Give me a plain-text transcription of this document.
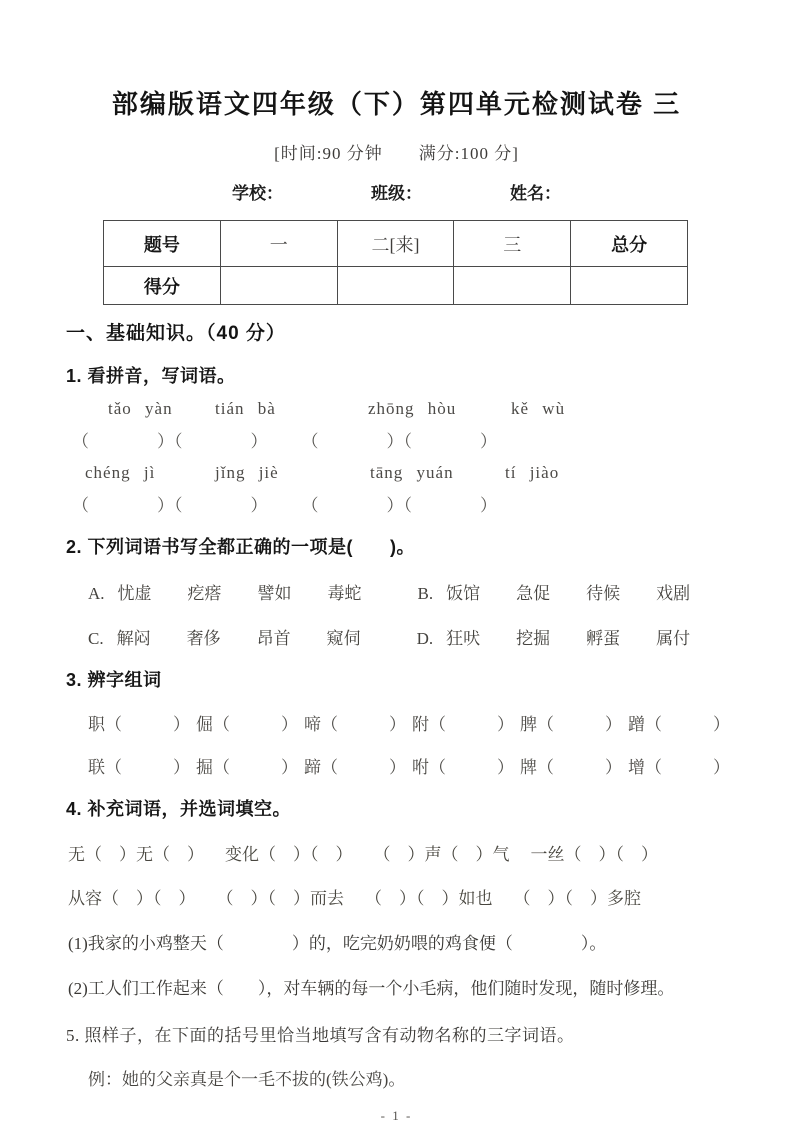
部编版语文四年级（下）第四单元检测试卷 三
[时间:90 分钟　　满分:100 分]
学校：	班级：	姓名：
题号	一	二[来]	三	总分
得分				
一、基础知识。（40 分）
1. 看拼音，写词语。
tǎo yàn	tián bà	zhōng hòu	kě wù
（　　　　）（　　　　）　　　（　　　　）（　　　　）
chéng jì	jǐng jiè	tāng yuán	tí jiào
（　　　　）（　　　　）　　　（　　　　）（　　　　）
2. 下列词语书写全都正确的一项是(　　)。
A. 忧虚	疙瘩	譬如	毒蛇	B. 饭馆	急促	待候	戏剧
C. 解闷	奢侈	昂首	窥伺	D. 狂吠	挖掘	孵蛋	属付
3. 辨字组词
职（　　　） 倔（　　　） 啼（　　　） 附（　　　） 脾（　　　） 蹭（　　　）
联（　　　） 掘（　　　） 蹄（　　　） 咐（　　　） 牌（　　　） 增（　　　）
4. 补充词语，并选词填空。
无（　）无（　） 变化（　）（　） （　）声（　）气 一丝（　）（　）
从容（　）（　） （　）（　）而去 （　）（　）如也 （　）（　）多腔
(1)我家的小鸡整天（　　　　）的，吃完奶奶喂的鸡食便（　　　　）。
(2)工人们工作起来（　　），对车辆的每一个小毛病，他们随时发现，随时修理。
5. 照样子，在下面的括号里恰当地填写含有动物名称的三字词语。
例：她的父亲真是个一毛不拔的(铁公鸡)。
- 1 -
